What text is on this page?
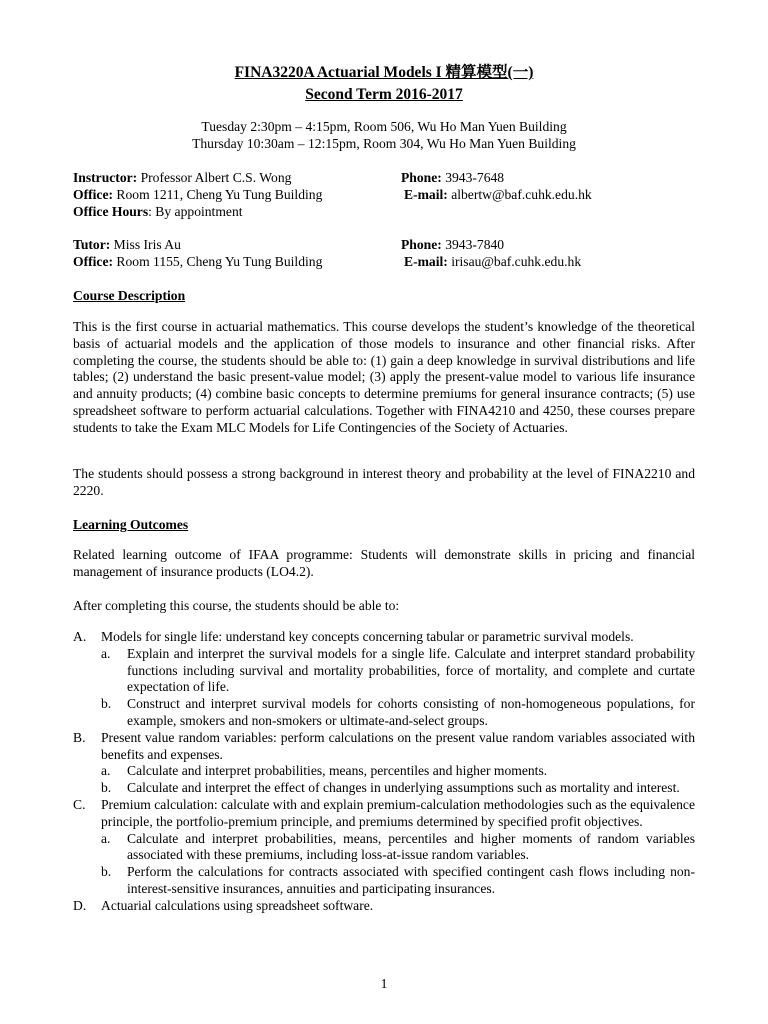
FINA3220A Actuarial Models I 精算模型(一)
Second Term 2016-2017
Tuesday 2:30pm – 4:15pm, Room 506, Wu Ho Man Yuen Building
Thursday 10:30am – 12:15pm, Room 304, Wu Ho Man Yuen Building
Instructor: Professor Albert C.S. Wong	Phone: 3943-7648
Office: Room 1211, Cheng Yu Tung Building	E-mail: albertw@baf.cuhk.edu.hk
Office Hours: By appointment
Tutor: Miss Iris Au	Phone: 3943-7840
Office: Room 1155, Cheng Yu Tung Building	E-mail: irisau@baf.cuhk.edu.hk
Course Description

This is the first course in actuarial mathematics. This course develops the student’s knowledge of the theoretical basis of actuarial models and the application of those models to insurance and other financial risks. After completing the course, the students should be able to: (1) gain a deep knowledge in survival distributions and life tables; (2) understand the basic present-value model; (3) apply the present-value model to various life insurance and annuity products; (4) combine basic concepts to determine premiums for general insurance contracts; (5) use spreadsheet software to perform actuarial calculations. Together with FINA4210 and 4250, these courses prepare students to take the Exam MLC Models for Life Contingencies of the Society of Actuaries.

The students should possess a strong background in interest theory and probability at the level of FINA2210 and 2220.

Learning Outcomes

Related learning outcome of IFAA programme: Students will demonstrate skills in pricing and financial management of insurance products (LO4.2).

After completing this course, the students should be able to:

A. Models for single life: understand key concepts concerning tabular or parametric survival models.
a. Explain and interpret the survival models for a single life. Calculate and interpret standard probability functions including survival and mortality probabilities, force of mortality, and complete and curtate expectation of life.
b. Construct and interpret survival models for cohorts consisting of non-homogeneous populations, for example, smokers and non-smokers or ultimate-and-select groups.
B. Present value random variables: perform calculations on the present value random variables associated with benefits and expenses.
a. Calculate and interpret probabilities, means, percentiles and higher moments.
b. Calculate and interpret the effect of changes in underlying assumptions such as mortality and interest.
C. Premium calculation: calculate with and explain premium-calculation methodologies such as the equivalence principle, the portfolio-premium principle, and premiums determined by specified profit objectives.
a. Calculate and interpret probabilities, means, percentiles and higher moments of random variables associated with these premiums, including loss-at-issue random variables.
b. Perform the calculations for contracts associated with specified contingent cash flows including non-interest-sensitive insurances, annuities and participating insurances.
D. Actuarial calculations using spreadsheet software.
1
